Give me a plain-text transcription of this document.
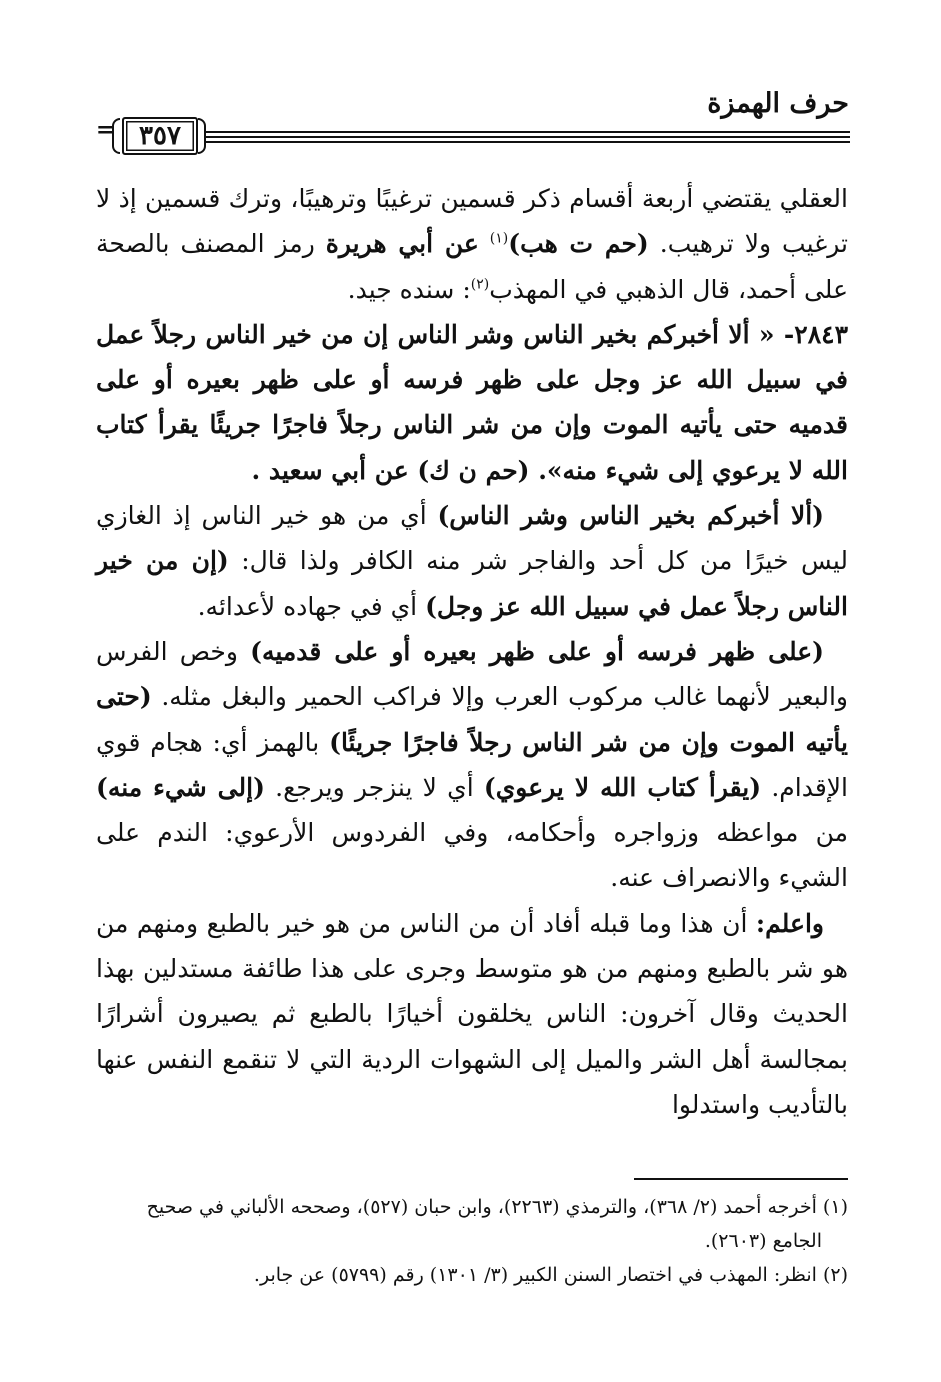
حرف الهمزة
= ٣٥٧

العقلي يقتضي أربعة أقسام ذكر قسمين ترغيبًا وترهيبًا، وترك قسمين إذ لا ترغيب ولا ترهيب. (حم ت هب)$^{(١)}$ عن أبي هريرة رمز المصنف بالصحة على أحمد، قال الذهبي في المهذب$^{(٢)}$: سنده جيد.

٢٨٤٣- « ألا أخبركم بخير الناس وشر الناس إن من خير الناس رجلاً عمل في سبيل الله عز وجل على ظهر فرسه أو على ظهر بعيره أو على قدميه حتى يأتيه الموت وإن من شر الناس رجلاً فاجرًا جريئًا يقرأ كتاب الله لا يرعوي إلى شيء منه». (حم ن ك) عن أبي سعيد .

(ألا أخبركم بخير الناس وشر الناس) أي من هو خير الناس إذ الغازي ليس خيرًا من كل أحد والفاجر شر منه الكافر ولذا قال: (إن من خير الناس رجلاً عمل في سبيل الله عز وجل) أي في جهاده لأعدائه.

(على ظهر فرسه أو على ظهر بعيره أو على قدميه) وخص الفرس والبعير لأنهما غالب مركوب العرب وإلا فراكب الحمير والبغل مثله. (حتى يأتيه الموت وإن من شر الناس رجلاً فاجرًا جريئًا) بالهمز أي: هجام قوي الإقدام. (يقرأ كتاب الله لا يرعوي) أي لا ينزجر ويرجع. (إلى شيء منه) من مواعظه وزواجره وأحكامه، وفي الفردوس الأرعوي: الندم على الشيء والانصراف عنه.

واعلم: أن هذا وما قبله أفاد أن من الناس من هو خير بالطبع ومنهم من هو شر بالطبع ومنهم من هو متوسط وجرى على هذا طائفة مستدلين بهذا الحديث وقال آخرون: الناس يخلقون أخيارًا بالطبع ثم يصيرون أشرارًا بمجالسة أهل الشر والميل إلى الشهوات الردية التي لا تنقمع النفس عنها بالتأديب واستدلوا

(١) أخرجه أحمد (٢/ ٣٦٨)، والترمذي (٢٢٦٣)، وابن حبان (٥٢٧)، وصححه الألباني في صحيح

الجامع (٢٦٠٣).

(٢) انظر: المهذب في اختصار السنن الكبير (٣/ ١٣٠١) رقم (٥٧٩٩) عن جابر.
